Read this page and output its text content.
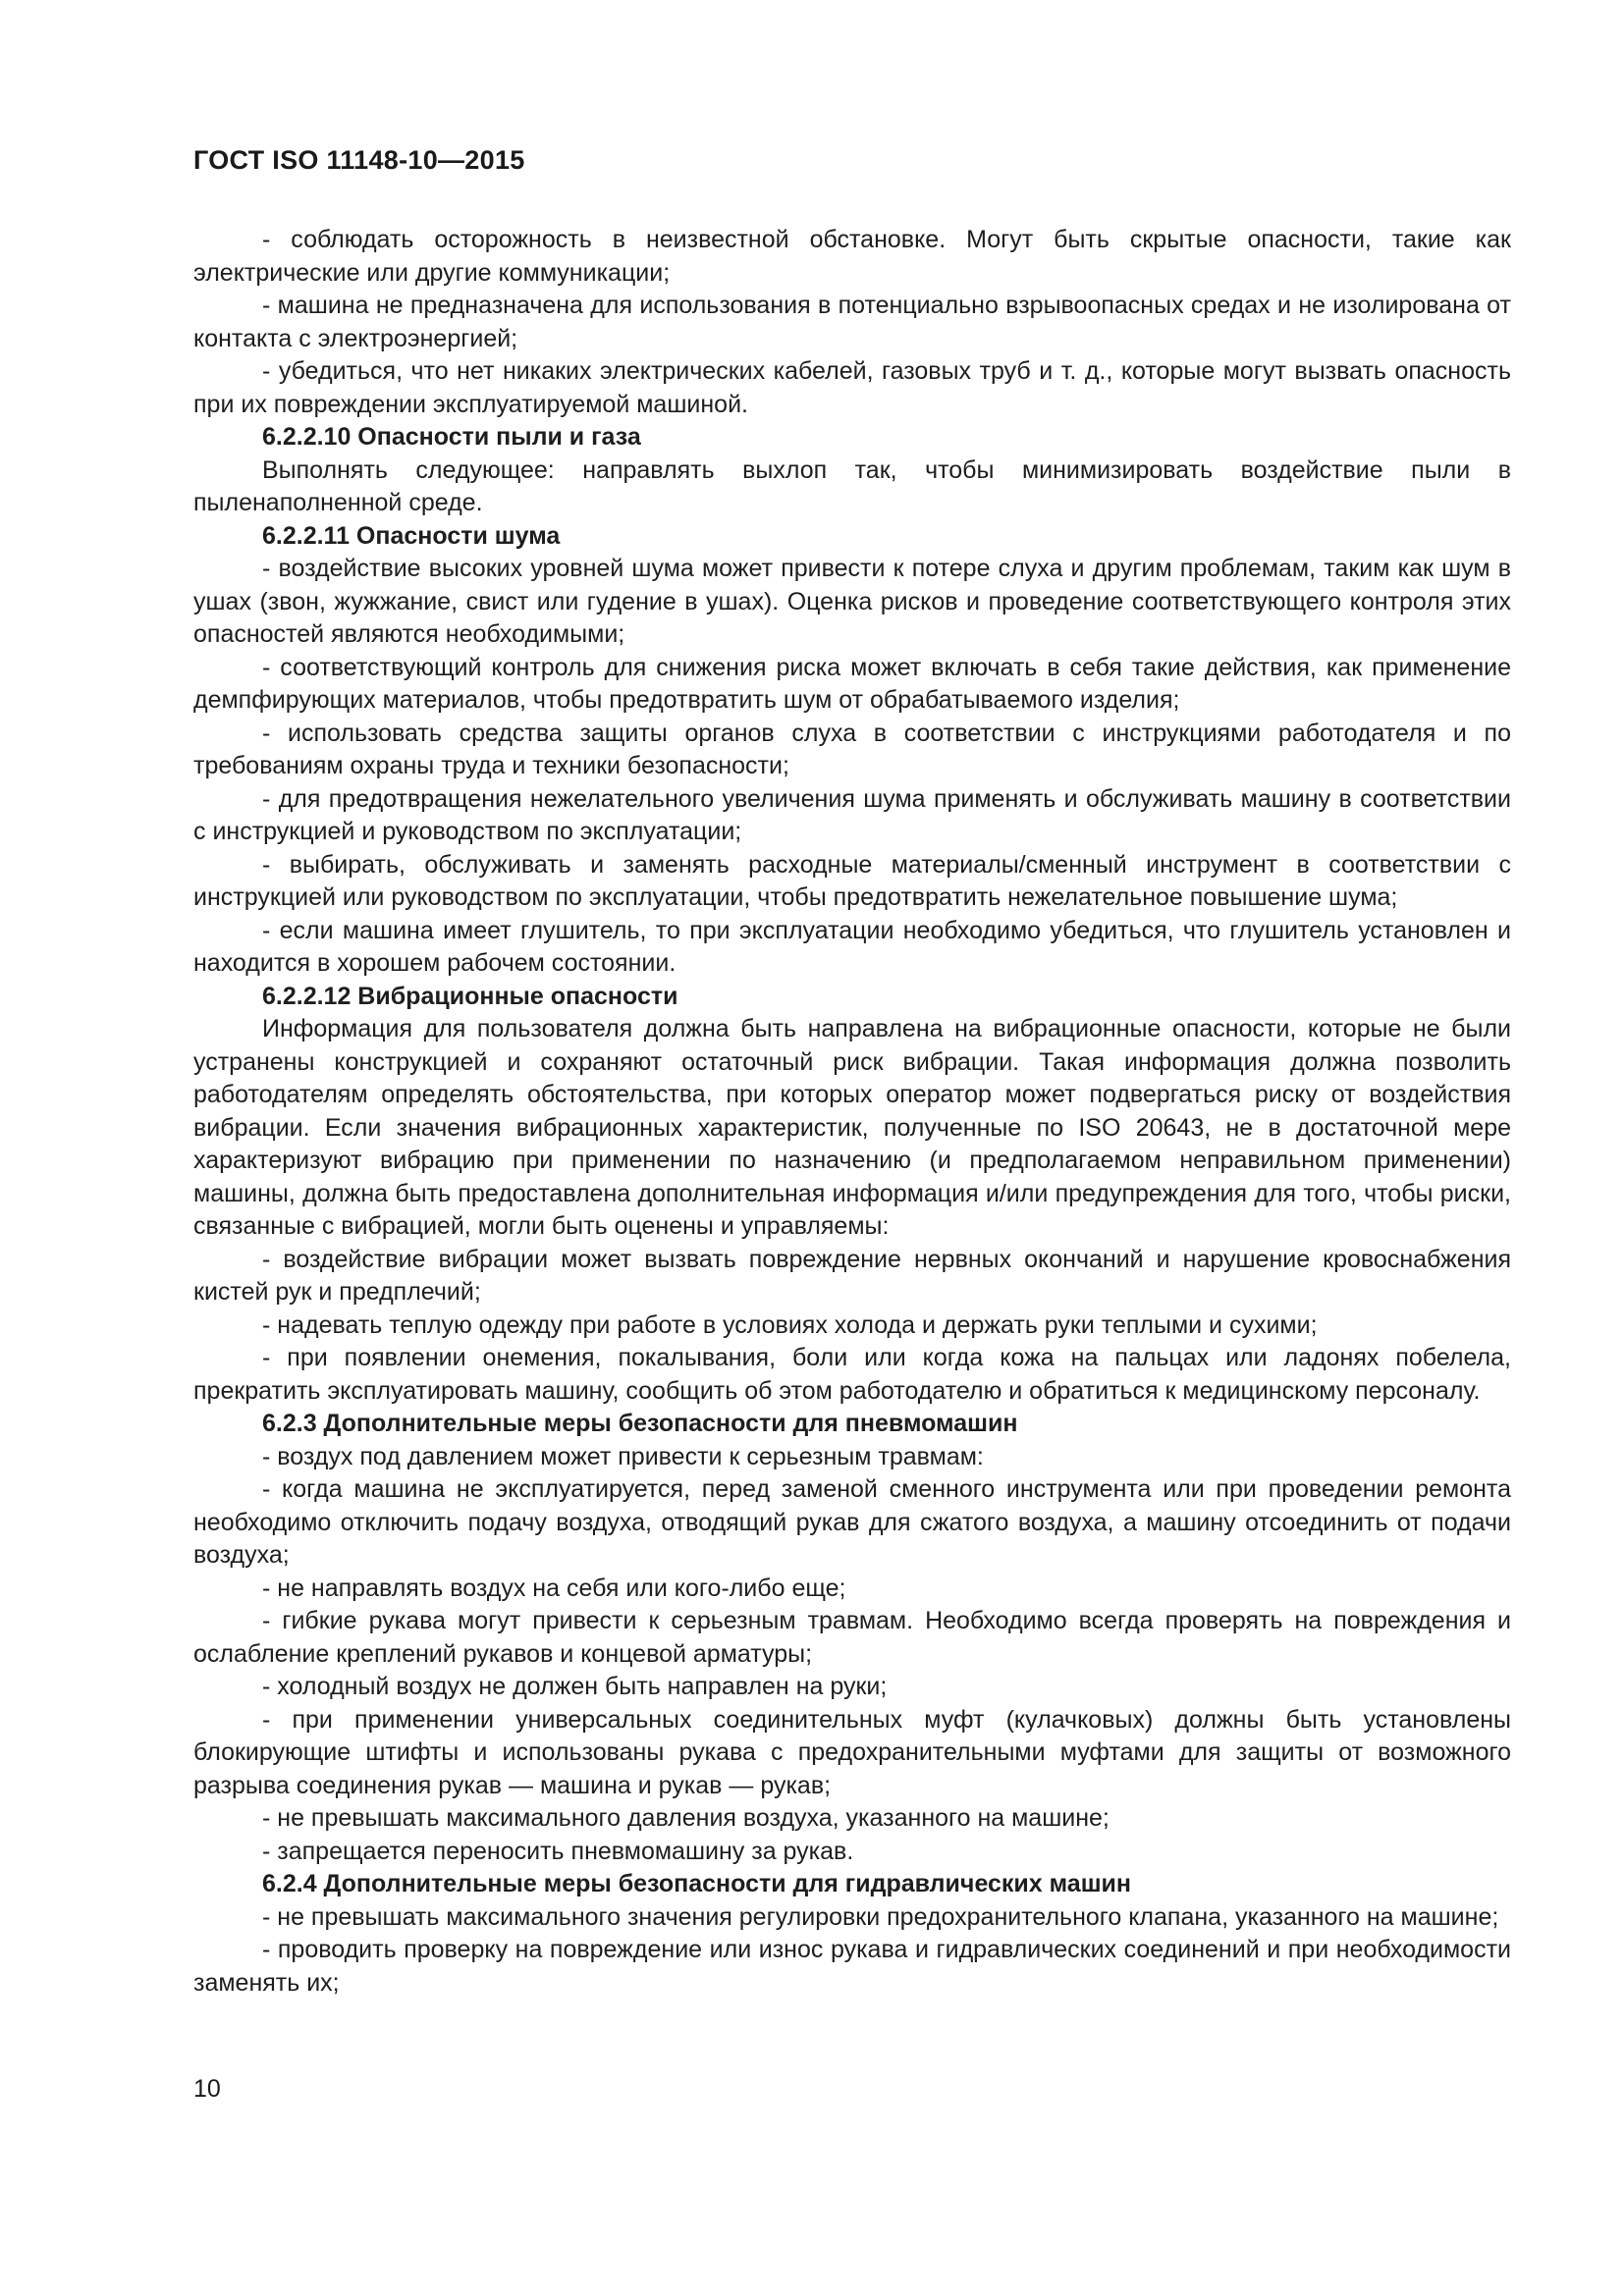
ГОСТ ISO 11148-10—2015

- соблюдать осторожность в неизвестной обстановке. Могут быть скрытые опасности, такие как электрические или другие коммуникации;

- машина не предназначена для использования в потенциально взрывоопасных средах и не изолирована от контакта с электроэнергией;

- убедиться, что нет никаких электрических кабелей, газовых труб и т. д., которые могут вызвать опасность при их повреждении эксплуатируемой машиной.

6.2.2.10 Опасности пыли и газа

Выполнять следующее: направлять выхлоп так, чтобы минимизировать воздействие пыли в пыленаполненной среде.

6.2.2.11 Опасности шума

- воздействие высоких уровней шума может привести к потере слуха и другим проблемам, таким как шум в ушах (звон, жужжание, свист или гудение в ушах). Оценка рисков и проведение соответствующего контроля этих опасностей являются необходимыми;

- соответствующий контроль для снижения риска может включать в себя такие действия, как применение демпфирующих материалов, чтобы предотвратить шум от обрабатываемого изделия;

- использовать средства защиты органов слуха в соответствии с инструкциями работодателя и по требованиям охраны труда и техники безопасности;

- для предотвращения нежелательного увеличения шума применять и обслуживать машину в соответствии с инструкцией и руководством по эксплуатации;

- выбирать, обслуживать и заменять расходные материалы/сменный инструмент в соответствии с инструкцией или руководством по эксплуатации, чтобы предотвратить нежелательное повышение шума;

- если машина имеет глушитель, то при эксплуатации необходимо убедиться, что глушитель установлен и находится в хорошем рабочем состоянии.

6.2.2.12 Вибрационные опасности

Информация для пользователя должна быть направлена на вибрационные опасности, которые не были устранены конструкцией и сохраняют остаточный риск вибрации. Такая информация должна позволить работодателям определять обстоятельства, при которых оператор может подвергаться риску от воздействия вибрации. Если значения вибрационных характеристик, полученные по ISO 20643, не в достаточной мере характеризуют вибрацию при применении по назначению (и предполагаемом неправильном применении) машины, должна быть предоставлена дополнительная информация и/или предупреждения для того, чтобы риски, связанные с вибрацией, могли быть оценены и управляемы:

- воздействие вибрации может вызвать повреждение нервных окончаний и нарушение кровоснабжения кистей рук и предплечий;

- надевать теплую одежду при работе в условиях холода и держать руки теплыми и сухими;

- при появлении онемения, покалывания, боли или когда кожа на пальцах или ладонях побелела, прекратить эксплуатировать машину, сообщить об этом работодателю и обратиться к медицинскому персоналу.

6.2.3 Дополнительные меры безопасности для пневмомашин

- воздух под давлением может привести к серьезным травмам:

- когда машина не эксплуатируется, перед заменой сменного инструмента или при проведении ремонта необходимо отключить подачу воздуха, отводящий рукав для сжатого воздуха, а машину отсоединить от подачи воздуха;

- не направлять воздух на себя или кого-либо еще;

- гибкие рукава могут привести к серьезным травмам. Необходимо всегда проверять на повреждения и ослабление креплений рукавов и концевой арматуры;

- холодный воздух не должен быть направлен на руки;

- при применении универсальных соединительных муфт (кулачковых) должны быть установлены блокирующие штифты и использованы рукава с предохранительными муфтами для защиты от возможного разрыва соединения рукав — машина и рукав — рукав;

- не превышать максимального давления воздуха, указанного на машине;

- запрещается переносить пневмомашину за рукав.

6.2.4 Дополнительные меры безопасности для гидравлических машин

- не превышать максимального значения регулировки предохранительного клапана, указанного на машине;

- проводить проверку на повреждение или износ рукава и гидравлических соединений и при необходимости заменять их;

10
